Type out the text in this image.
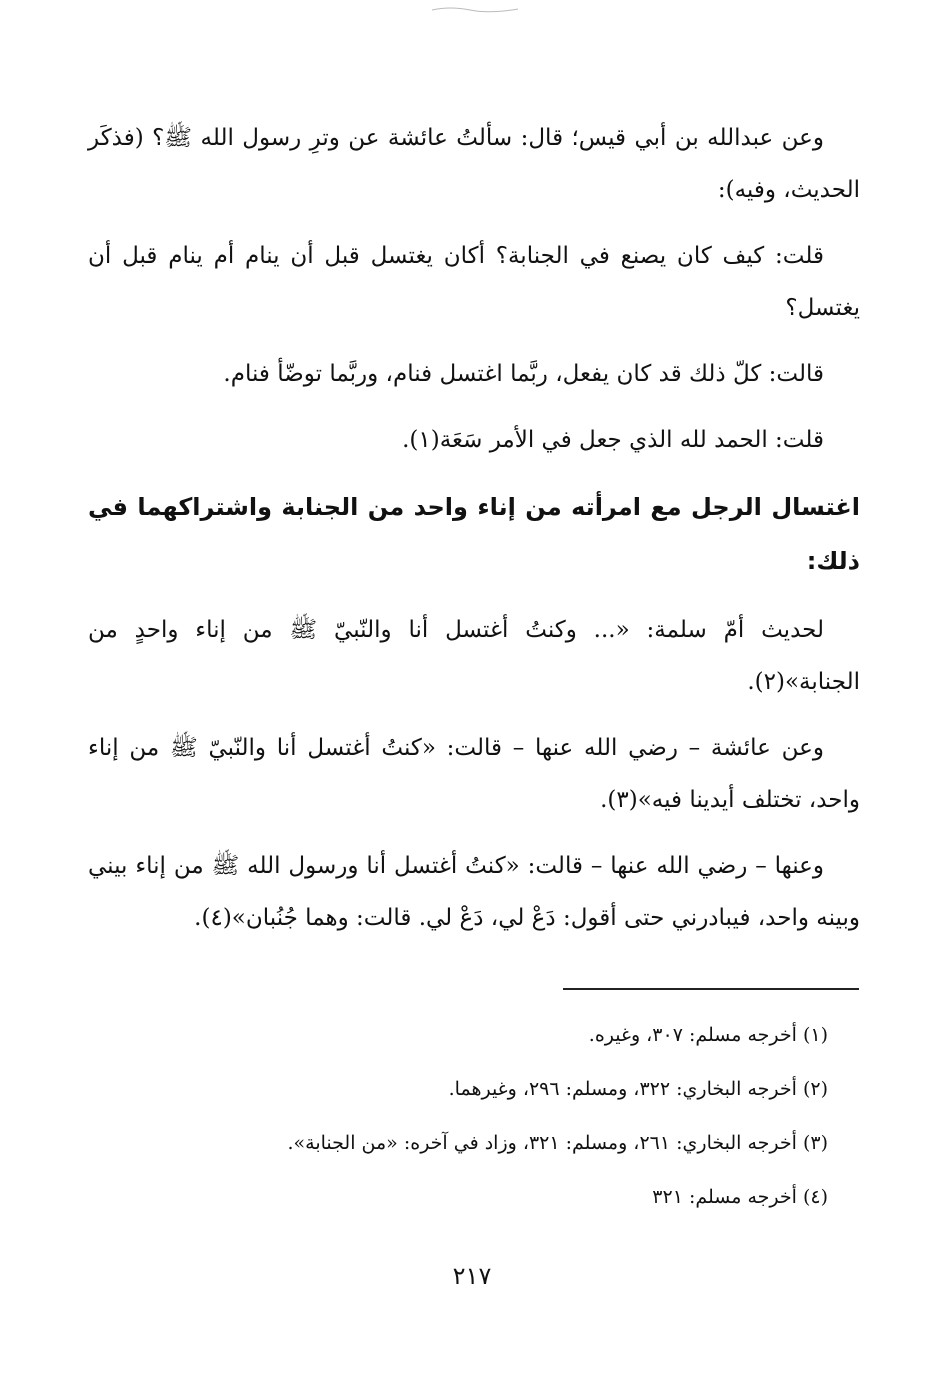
وعن عبدالله بن أبي قيس؛ قال: سألتُ عائشة عن وترِ رسول الله ﷺ؟ (فذكَر الحديث، وفيه):

قلت: كيف كان يصنع في الجنابة؟ أكان يغتسل قبل أن ينام أم ينام قبل أن يغتسل؟

قالت: كلّ ذلك قد كان يفعل، ربَّما اغتسل فنام، وربَّما توضّأ فنام.

قلت: الحمد لله الذي جعل في الأمر سَعَة(١).

اغتسال الرجل مع امرأته من إناء واحد من الجنابة واشتراكهما في ذلك:

لحديث أمّ سلمة: «... وكنتُ أغتسل أنا والنّبيّ ﷺ من إناء واحدٍ من الجنابة»(٢).

وعن عائشة – رضي الله عنها – قالت: «كنتُ أغتسل أنا والنّبيّ ﷺ من إناء واحد، تختلف أيدينا فيه»(٣).

وعنها – رضي الله عنها – قالت: «كنتُ أغتسل أنا ورسول الله ﷺ من إناء بيني وبينه واحد، فيبادرني حتى أقول: دَعْ لي، دَعْ لي. قالت: وهما جُنُبان»(٤).

(١) أخرجه مسلم: ٣٠٧، وغيره.

(٢) أخرجه البخاري: ٣٢٢، ومسلم: ٢٩٦، وغيرهما.

(٣) أخرجه البخاري: ٢٦١، ومسلم: ٣٢١، وزاد في آخره: «من الجنابة».

(٤) أخرجه مسلم: ٣٢١

٢١٧
